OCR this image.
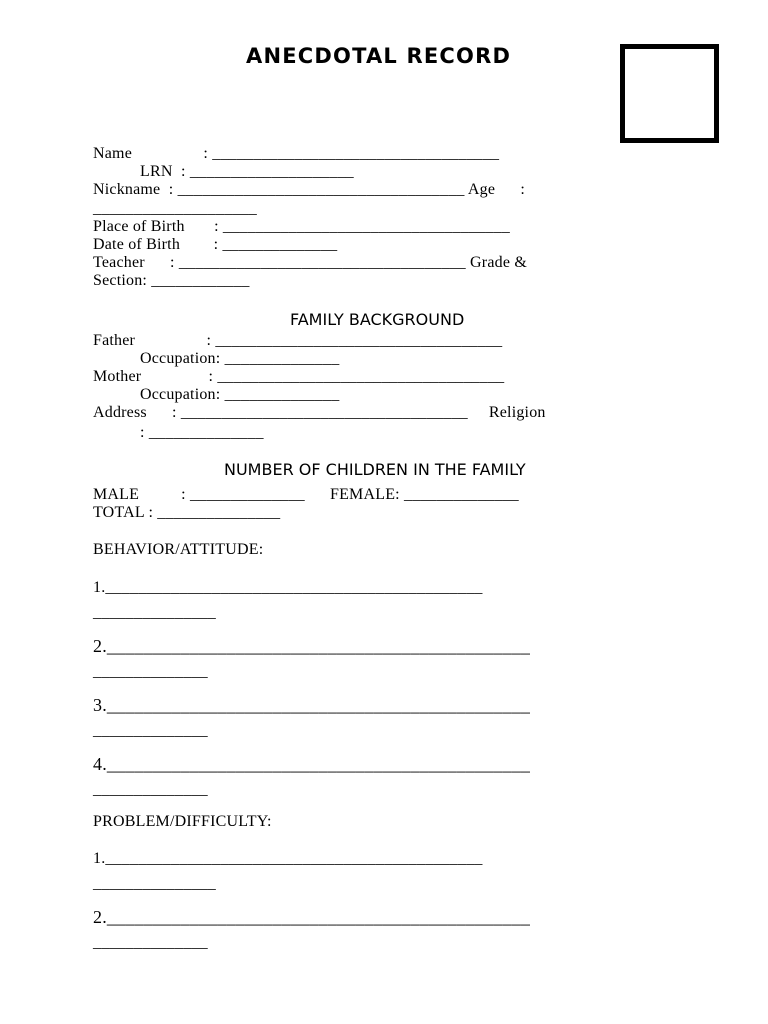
ANECDOTAL RECORD
Name                 : ___________________________________
LRN  : ____________________
Nickname  : ___________________________________ Age      :
____________________
Place of Birth       : ___________________________________
Date of Birth        : ______________
Teacher      : ___________________________________ Grade &
Section: ____________
FAMILY BACKGROUND
Father                 : ___________________________________
Occupation: ______________
Mother                : ___________________________________
Occupation: ______________
Address      : ___________________________________     Religion
: ______________
NUMBER OF CHILDREN IN THE FAMILY
MALE          : ______________      FEMALE: ______________
TOTAL : _______________
BEHAVIOR/ATTITUDE:
1.______________________________________________
_______________
2.______________________________________________
______________
3.______________________________________________
______________
4.______________________________________________
______________
PROBLEM/DIFFICULTY:
1.______________________________________________
_______________
2.______________________________________________
______________
